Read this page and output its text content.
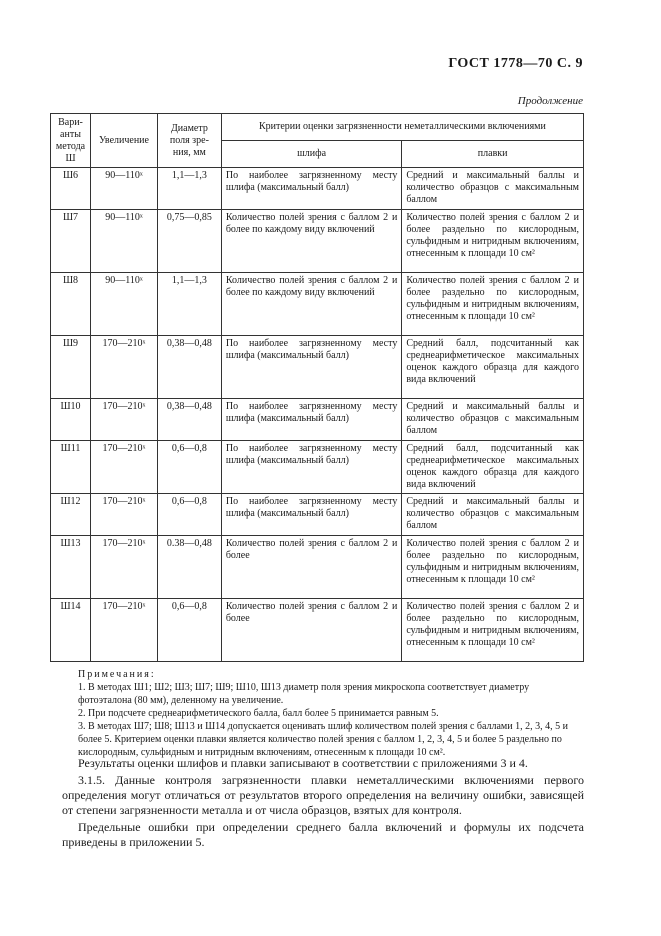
ГОСТ 1778—70 С. 9
Продолжение
Вари-анты метода Ш	Увеличение	Диаметр поля зре-ния, мм	Критерии оценки загрязненности неметаллическими включениями	
			шлифа	плавки
Ш6	90—110ˣ	1,1—1,3	По наиболее загрязненному месту шлифа (максимальный балл)	Средний и максимальный баллы и количество образцов с максимальным баллом
Ш7	90—110ˣ	0,75—0,85	Количество полей зрения с баллом 2 и более по каждому виду включений	Количество полей зрения с баллом 2 и более раздельно по кислородным, сульфидным и нитридным включениям, отнесенным к площади 10 см²
Ш8	90—110ˣ	1,1—1,3	Количество полей зрения с баллом 2 и более по каждому виду включений	Количество полей зрения с баллом 2 и более раздельно по кислородным, сульфидным и нитридным включениям, отнесенным к площади 10 см²
Ш9	170—210ˣ	0,38—0,48	По наиболее загрязненному месту шлифа (максимальный балл)	Средний балл, подсчитанный как среднеарифметическое максимальных оценок каждого образца для каждого вида включений
Ш10	170—210ˣ	0,38—0,48	По наиболее загрязненному месту шлифа (максимальный балл)	Средний и максимальный баллы и количество образцов с максимальным баллом
Ш11	170—210ˣ	0,6—0,8	По наиболее загрязненному месту шлифа (максимальный балл)	Средний балл, подсчитанный как среднеарифметическое максимальных оценок каждого образца для каждого вида включений
Ш12	170—210ˣ	0,6—0,8	По наиболее загрязненному месту шлифа (максимальный балл)	Средний и максимальный баллы и количество образцов с максимальным баллом
Ш13	170—210ˣ	0.38—0,48	Количество полей зрения с баллом 2 и более	Количество полей зрения с баллом 2 и более раздельно по кислородным, сульфидным и нитридным включениям, отнесенным к площади 10 см²
Ш14	170—210ˣ	0,6—0,8	Количество полей зрения с баллом 2 и более	Количество полей зрения с баллом 2 и более раздельно по кислородным, сульфидным и нитридным включениям, отнесенным к площади 10 см²

Примечания:

1. В методах Ш1; Ш2; Ш3; Ш7; Ш9; Ш10, Ш13 диаметр поля зрения микроскопа соответствует диаметру фотоэталона (80 мм), деленному на увеличение.

2. При подсчете среднеарифметического балла, балл более 5 принимается равным 5.

3. В методах Ш7; Ш8; Ш13 и Ш14 допускается оценивать шлиф количеством полей зрения с баллами 1, 2, 3, 4, 5 и более 5. Критерием оценки плавки является количество полей зрения с баллом 1, 2, 3, 4, 5 и более 5 раздельно по кислородным, сульфидным и нитридным включениям, отнесенным к площади 10 см².

Результаты оценки шлифов и плавки записывают в соответствии с приложениями 3 и 4.

3.1.5. Данные контроля загрязненности плавки неметаллическими включениями первого определения могут отличаться от результатов второго определения на величину ошибки, зависящей от степени загрязненности металла и от числа образцов, взятых для контроля.

Предельные ошибки при определении среднего балла включений и формулы их подсчета приведены в приложении 5.
